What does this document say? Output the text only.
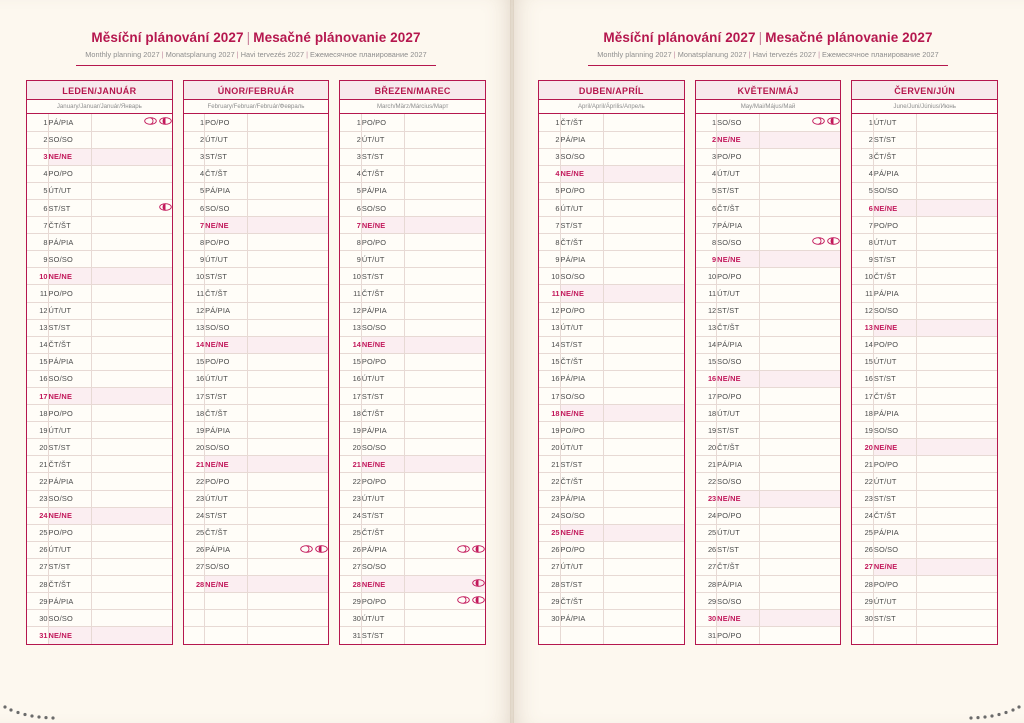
Měsíční plánování 2027 | Mesačné plánovanie 2027
Monthly planning 2027 | Monatsplanung 2027 | Havi tervezés 2027 | Ежемесячное планирование 2027
LEDEN/JANUÁR
January/Januar/Január/Январь
1	PÁ/PIA	
2	SO/SO	
3	NE/NE	
4	PO/PO	
5	ÚT/UT	
6	ST/ST	
7	ČT/ŠT	
8	PÁ/PIA	
9	SO/SO	
10	NE/NE	
11	PO/PO	
12	ÚT/UT	
13	ST/ST	
14	ČT/ŠT	
15	PÁ/PIA	
16	SO/SO	
17	NE/NE	
18	PO/PO	
19	ÚT/UT	
20	ST/ST	
21	ČT/ŠT	
22	PÁ/PIA	
23	SO/SO	
24	NE/NE	
25	PO/PO	
26	ÚT/UT	
27	ST/ST	
28	ČT/ŠT	
29	PÁ/PIA	
30	SO/SO	
31	NE/NE	
ÚNOR/FEBRUÁR
February/Februar/Február/Февраль
1	PO/PO	
2	ÚT/UT	
3	ST/ST	
4	ČT/ŠT	
5	PÁ/PIA	
6	SO/SO	
7	NE/NE	
8	PO/PO	
9	ÚT/UT	
10	ST/ST	
11	ČT/ŠT	
12	PÁ/PIA	
13	SO/SO	
14	NE/NE	
15	PO/PO	
16	ÚT/UT	
17	ST/ST	
18	ČT/ŠT	
19	PÁ/PIA	
20	SO/SO	
21	NE/NE	
22	PO/PO	
23	ÚT/UT	
24	ST/ST	
25	ČT/ŠT	
26	PÁ/PIA	
27	SO/SO	
28	NE/NE	

BŘEZEN/MAREC
March/März/Március/Март
1	PO/PO	
2	ÚT/UT	
3	ST/ST	
4	ČT/ŠT	
5	PÁ/PIA	
6	SO/SO	
7	NE/NE	
8	PO/PO	
9	ÚT/UT	
10	ST/ST	
11	ČT/ŠT	
12	PÁ/PIA	
13	SO/SO	
14	NE/NE	
15	PO/PO	
16	ÚT/UT	
17	ST/ST	
18	ČT/ŠT	
19	PÁ/PIA	
20	SO/SO	
21	NE/NE	
22	PO/PO	
23	ÚT/UT	
24	ST/ST	
25	ČT/ŠT	
26	PÁ/PIA	
27	SO/SO	
28	NE/NE	
29	PO/PO	
30	ÚT/UT	
31	ST/ST	
Měsíční plánování 2027 | Mesačné plánovanie 2027
Monthly planning 2027 | Monatsplanung 2027 | Havi tervezés 2027 | Ежемесячное планирование 2027
DUBEN/APRÍL
April/April/Április/Апрель
1	ČT/ŠT	
2	PÁ/PIA	
3	SO/SO	
4	NE/NE	
5	PO/PO	
6	ÚT/UT	
7	ST/ST	
8	ČT/ŠT	
9	PÁ/PIA	
10	SO/SO	
11	NE/NE	
12	PO/PO	
13	ÚT/UT	
14	ST/ST	
15	ČT/ŠT	
16	PÁ/PIA	
17	SO/SO	
18	NE/NE	
19	PO/PO	
20	ÚT/UT	
21	ST/ST	
22	ČT/ŠT	
23	PÁ/PIA	
24	SO/SO	
25	NE/NE	
26	PO/PO	
27	ÚT/UT	
28	ST/ST	
29	ČT/ŠT	
30	PÁ/PIA	

KVĚTEN/MÁJ
May/Mai/Május/Май
1	SO/SO	
2	NE/NE	
3	PO/PO	
4	ÚT/UT	
5	ST/ST	
6	ČT/ŠT	
7	PÁ/PIA	
8	SO/SO	
9	NE/NE	
10	PO/PO	
11	ÚT/UT	
12	ST/ST	
13	ČT/ŠT	
14	PÁ/PIA	
15	SO/SO	
16	NE/NE	
17	PO/PO	
18	ÚT/UT	
19	ST/ST	
20	ČT/ŠT	
21	PÁ/PIA	
22	SO/SO	
23	NE/NE	
24	PO/PO	
25	ÚT/UT	
26	ST/ST	
27	ČT/ŠT	
28	PÁ/PIA	
29	SO/SO	
30	NE/NE	
31	PO/PO	
ČERVEN/JÚN
June/Juni/Június/Июнь
1	ÚT/UT	
2	ST/ST	
3	ČT/ŠT	
4	PÁ/PIA	
5	SO/SO	
6	NE/NE	
7	PO/PO	
8	ÚT/UT	
9	ST/ST	
10	ČT/ŠT	
11	PÁ/PIA	
12	SO/SO	
13	NE/NE	
14	PO/PO	
15	ÚT/UT	
16	ST/ST	
17	ČT/ŠT	
18	PÁ/PIA	
19	SO/SO	
20	NE/NE	
21	PO/PO	
22	ÚT/UT	
23	ST/ST	
24	ČT/ŠT	
25	PÁ/PIA	
26	SO/SO	
27	NE/NE	
28	PO/PO	
29	ÚT/UT	
30	ST/ST	
